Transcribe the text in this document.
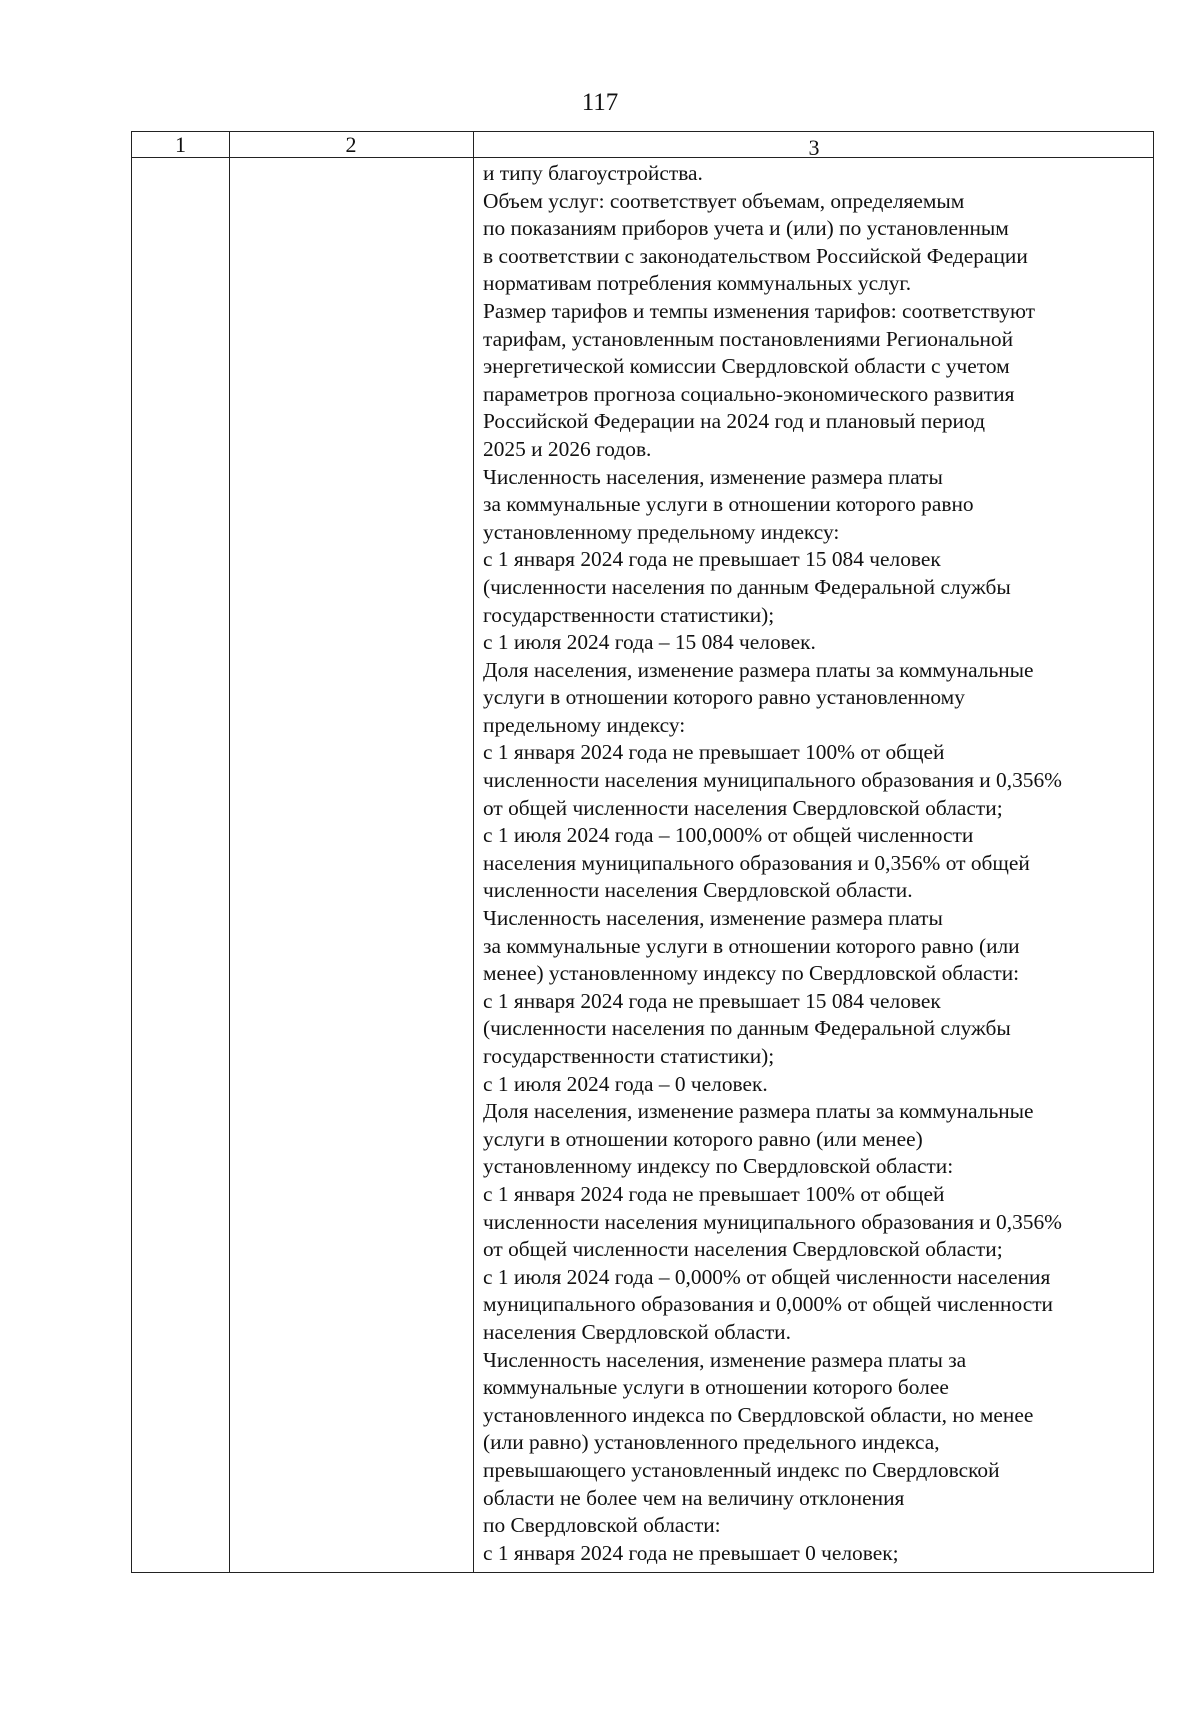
117
1	2	3
и типу благоустройства.
Объем услуг: соответствует объемам, определяемым
по показаниям приборов учета и (или) по установленным
в соответствии с законодательством Российской Федерации
нормативам потребления коммунальных услуг.
Размер тарифов и темпы изменения тарифов: соответствуют
тарифам, установленным постановлениями Региональной
энергетической комиссии Свердловской области с учетом
параметров прогноза социально-экономического развития
Российской Федерации на 2024 год и плановый период
2025 и 2026 годов.
Численность населения, изменение размера платы
за коммунальные услуги в отношении которого равно
установленному предельному индексу:
с 1 января 2024 года не превышает 15 084 человек
(численности населения по данным Федеральной службы
государственности статистики);
с 1 июля 2024 года – 15 084 человек.
Доля населения, изменение размера платы за коммунальные
услуги в отношении которого равно установленному
предельному индексу:
с 1 января 2024 года не превышает 100% от общей
численности населения муниципального образования и 0,356%
от общей численности населения Свердловской области;
с 1 июля 2024 года – 100,000% от общей численности
населения муниципального образования и 0,356% от общей
численности населения Свердловской области.
Численность населения, изменение размера платы
за коммунальные услуги в отношении которого равно (или
менее) установленному индексу по Свердловской области:
с 1 января 2024 года не превышает 15 084 человек
(численности населения по данным Федеральной службы
государственности статистики);
с 1 июля 2024 года – 0 человек.
Доля населения, изменение размера платы за коммунальные
услуги в отношении которого равно (или менее)
установленному индексу по Свердловской области:
с 1 января 2024 года не превышает 100% от общей
численности населения муниципального образования и 0,356%
от общей численности населения Свердловской области;
с 1 июля 2024 года – 0,000% от общей численности населения
муниципального образования и 0,000% от общей численности
населения Свердловской области.
Численность населения, изменение размера платы за
коммунальные услуги в отношении которого более
установленного индекса по Свердловской области, но менее
(или равно) установленного предельного индекса,
превышающего установленный индекс по Свердловской
области не более чем на величину отклонения
по Свердловской области:
с 1 января 2024 года не превышает 0 человек;
